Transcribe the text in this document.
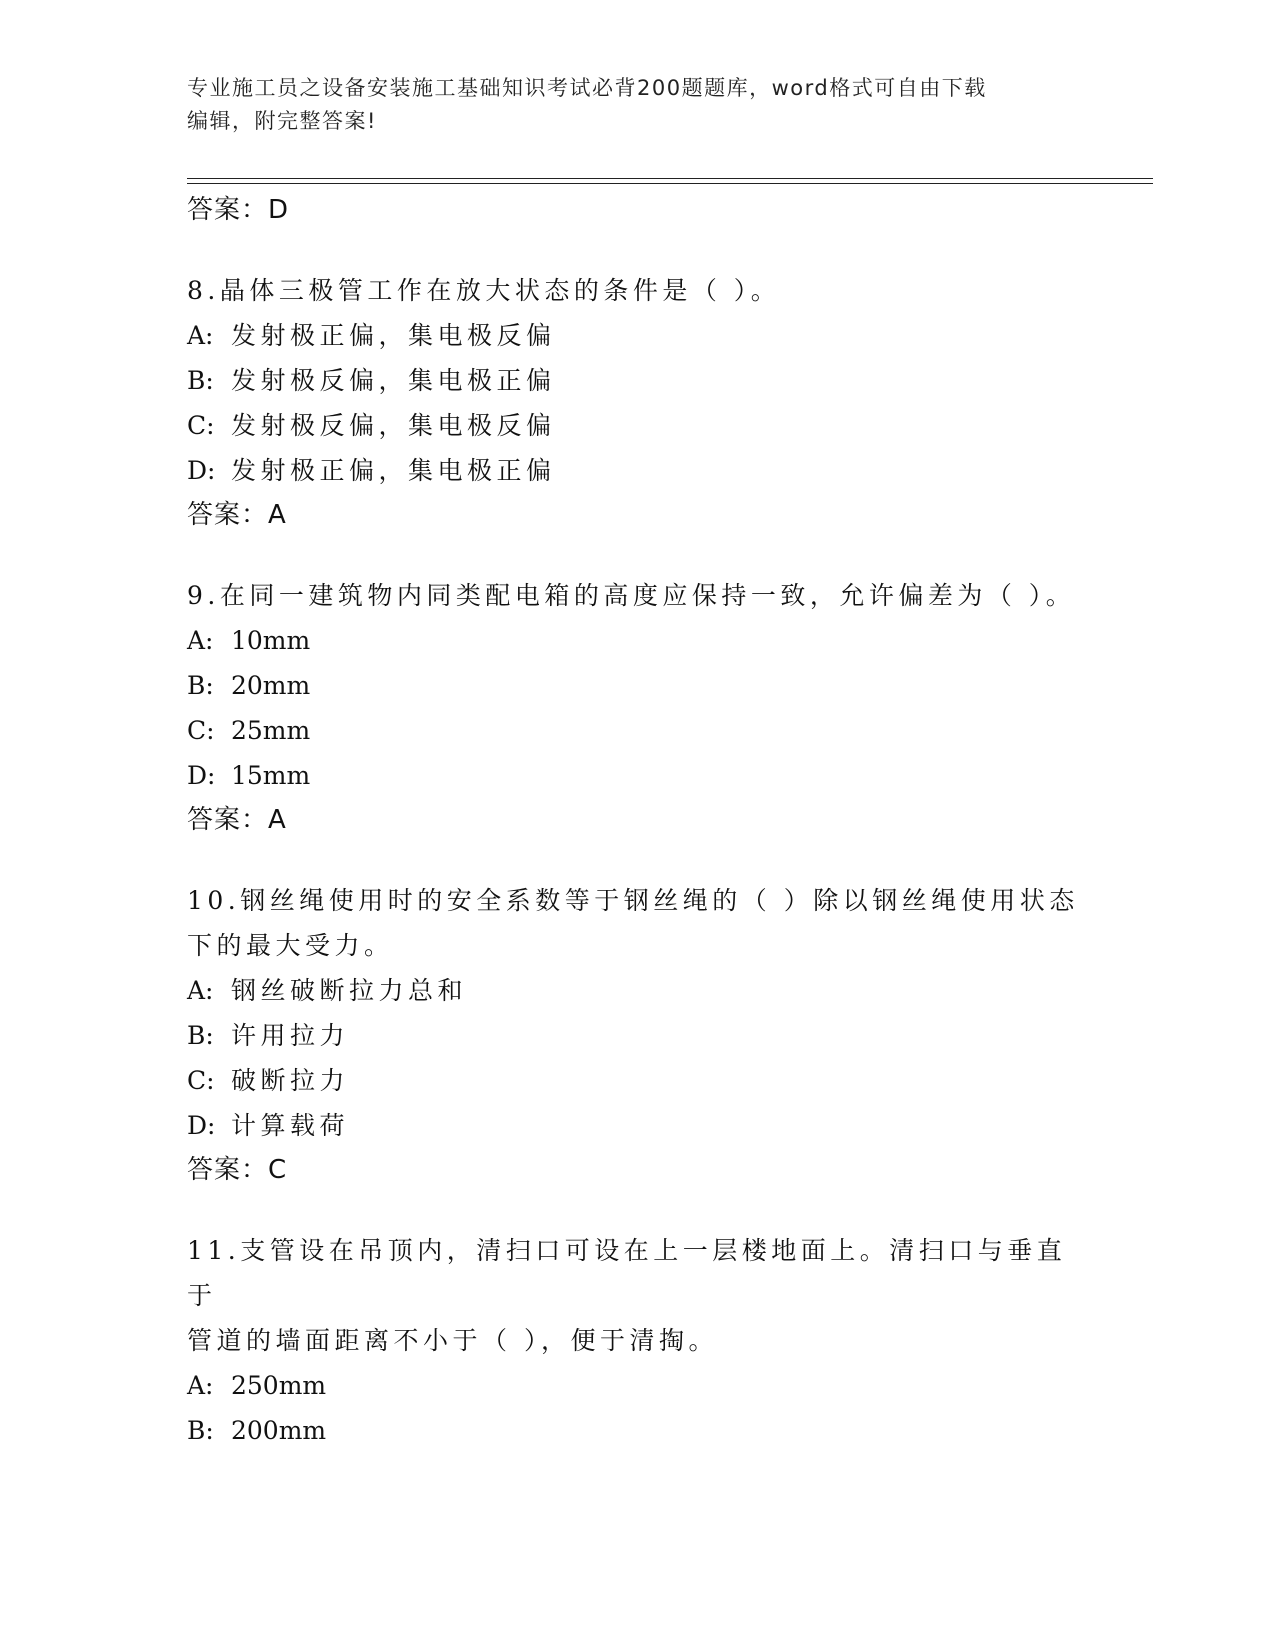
专业施工员之设备安装施工基础知识考试必背200题题库，word格式可自由下载
编辑，附完整答案!
答案：D
8.晶体三极管工作在放大状态的条件是（ ）。
A: 发射极正偏，集电极反偏
B: 发射极反偏，集电极正偏
C: 发射极反偏，集电极反偏
D: 发射极正偏，集电极正偏
答案：A
9.在同一建筑物内同类配电箱的高度应保持一致，允许偏差为（ ）。
A: 10mm
B: 20mm
C: 25mm
D: 15mm
答案：A
10.钢丝绳使用时的安全系数等于钢丝绳的（ ）除以钢丝绳使用状态
下的最大受力。
A: 钢丝破断拉力总和
B: 许用拉力
C: 破断拉力
D: 计算载荷
答案：C
11.支管设在吊顶内，清扫口可设在上一层楼地面上。清扫口与垂直于
管道的墙面距离不小于（ ），便于清掏。
A: 250mm
B: 200mm
